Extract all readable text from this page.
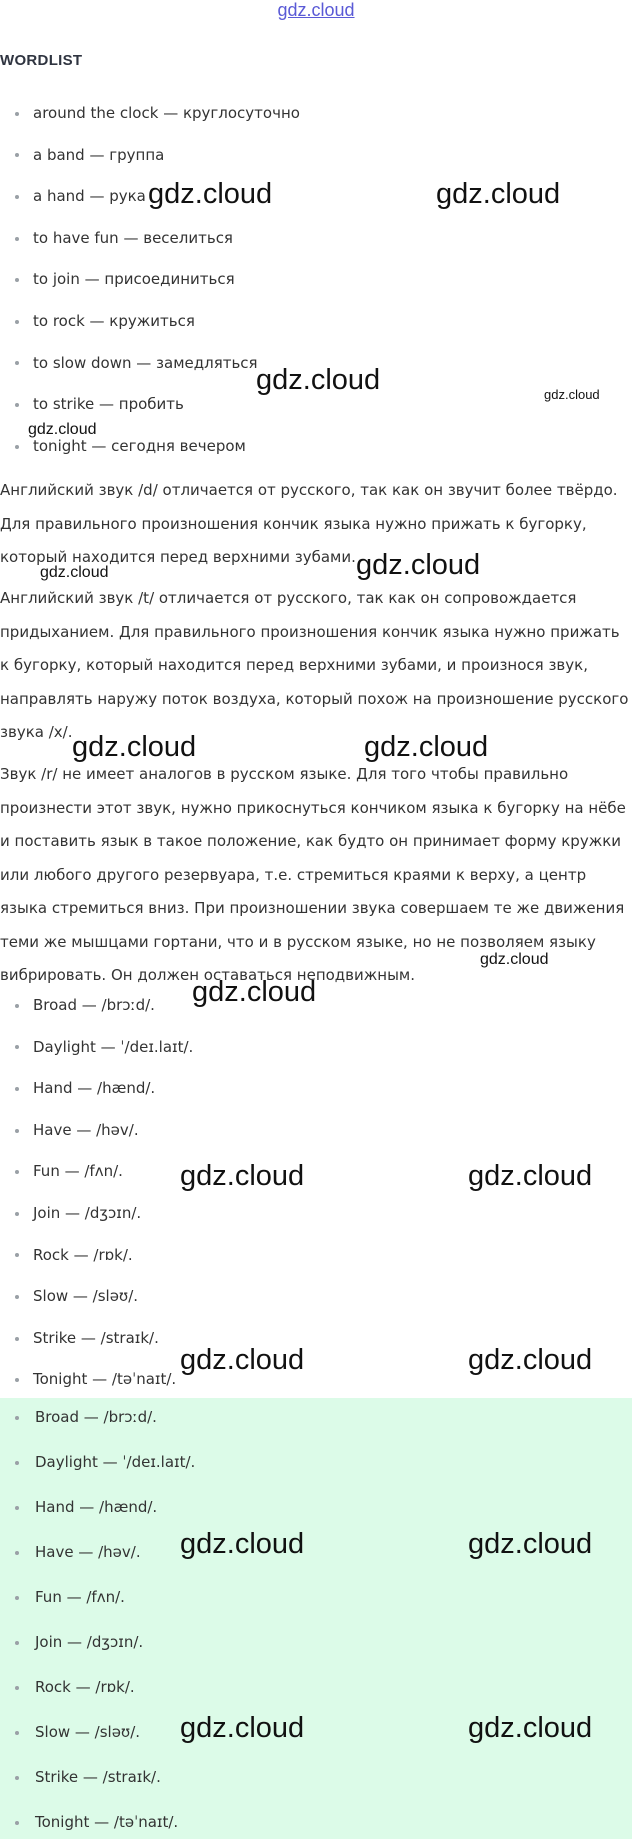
gdz.cloud
WORDLIST
around the clock — круглосуточно
a band — группа
a hand — рука
to have fun — веселиться
to join — присоединиться
to rock — кружиться
to slow down — замедляться
to strike — пробить
tonight — сегодня вечером

Английский звук /d/ отличается от русского, так как он звучит более твёрдо. Для правильного произношения кончик языка нужно прижать к бугорку, который находится перед верхними зубами.

Английский звук /t/ отличается от русского, так как он сопровождается придыханием. Для правильного произношения кончик языка нужно прижать к бугорку, который находится перед верхними зубами, и произнося звук, направлять наружу поток воздуха, который похож на произношение русского звука /х/.

Звук /r/ не имеет аналогов в русском языке. Для того чтобы правильно произнести этот звук, нужно прикоснуться кончиком языка к бугорку на нёбе и поставить язык в такое положение, как будто он принимает форму кружки или любого другого резервуара, т.е. стремиться краями к верху, а центр языка стремиться вниз. При произношении звука совершаем те же движения теми же мышцами гортани, что и в русском языке, но не позволяем языку вибрировать. Он должен оставаться неподвижным.

Broad — /brɔːd/.
Daylight — ˈ/deɪ.laɪt/.
Hand — /hænd/.
Have — /həv/.
Fun — /fʌn/.
Join — /dʒɔɪn/.
Rock — /rɒk/.
Slow — /sləʊ/.
Strike — /straɪk/.
Tonight — /təˈnaɪt/.
Broad — /brɔːd/.
Daylight — ˈ/deɪ.laɪt/.
Hand — /hænd/.
Have — /həv/.
Fun — /fʌn/.
Join — /dʒɔɪn/.
Rock — /rɒk/.
Slow — /sləʊ/.
Strike — /straɪk/.
Tonight — /təˈnaɪt/.
gdz.cloud	gdz.cloud
gdz.cloud	gdz.cloud
gdz.cloud
gdz.cloud	gdz.cloud
gdz.cloud	gdz.cloud
gdz.cloud
gdz.cloud
gdz.cloud	gdz.cloud
gdz.cloud	gdz.cloud
gdz.cloud	gdz.cloud
gdz.cloud	gdz.cloud
